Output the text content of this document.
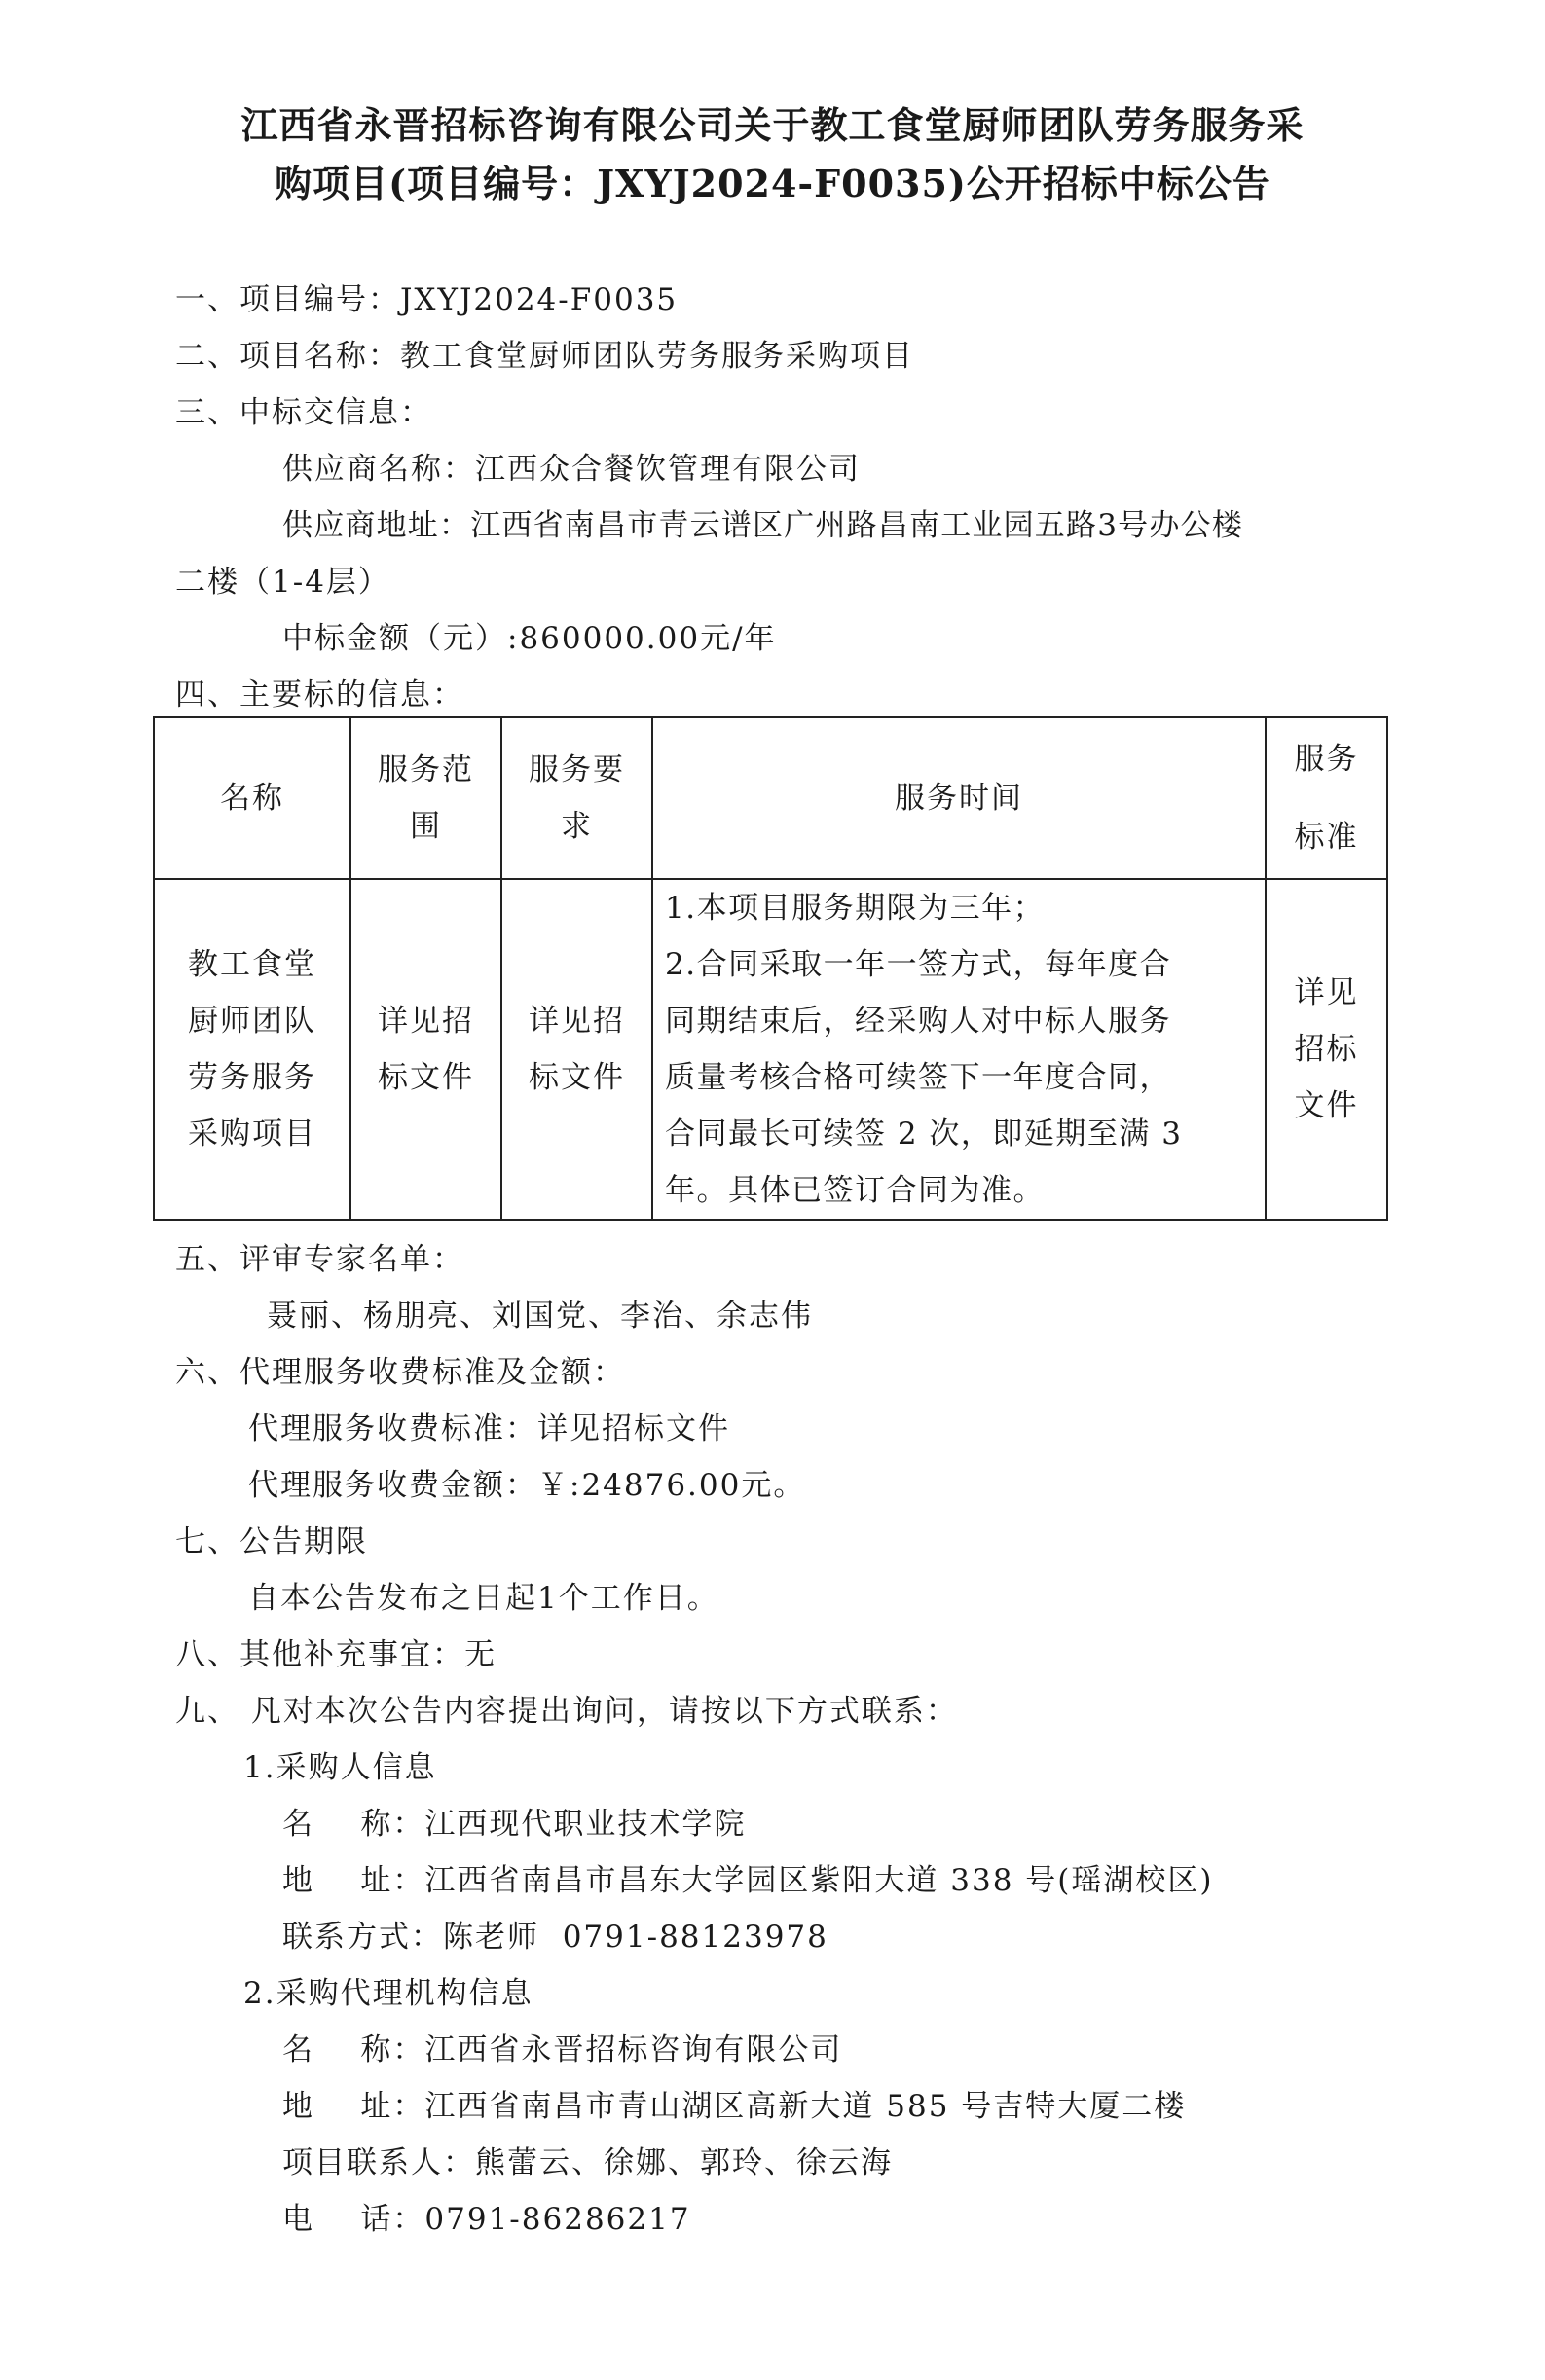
江西省永晋招标咨询有限公司关于教工食堂厨师团队劳务服务采
购项目(项目编号：JXYJ2024-F0035)公开招标中标公告
一、项目编号：JXYJ2024-F0035
二、项目名称：教工食堂厨师团队劳务服务采购项目
三、中标交信息：
供应商名称：江西众合餐饮管理有限公司
供应商地址：江西省南昌市青云谱区广州路昌南工业园五路3号办公楼
二楼（1-4层）
中标金额（元）:860000.00元/年
四、主要标的信息：
名称
服务范
围
服务要
求
服务时间
服务

标准
教工食堂
厨师团队
劳务服务
采购项目
详见招
标文件
详见招
标文件
1.本项目服务期限为三年；
2.合同采取一年一签方式，每年度合
同期结束后，经采购人对中标人服务
质量考核合格可续签下一年度合同，
合同最长可续签 2 次，即延期至满 3
年。具体已签订合同为准。
详见
招标
文件
五、评审专家名单：
聂丽、杨朋亮、刘国党、李治、余志伟
六、代理服务收费标准及金额：
代理服务收费标准：详见招标文件
代理服务收费金额：￥:24876.00元。
七、公告期限
自本公告发布之日起1个工作日。
八、其他补充事宜：无
九、 凡对本次公告内容提出询问，请按以下方式联系：
1.采购人信息
名    称：江西现代职业技术学院
地    址：江西省南昌市昌东大学园区紫阳大道 338 号(瑶湖校区)
联系方式：陈老师  0791-88123978
2.采购代理机构信息
名    称：江西省永晋招标咨询有限公司
地    址：江西省南昌市青山湖区高新大道 585 号吉特大厦二楼
项目联系人：熊蕾云、徐娜、郭玲、徐云海
电    话：0791-86286217
